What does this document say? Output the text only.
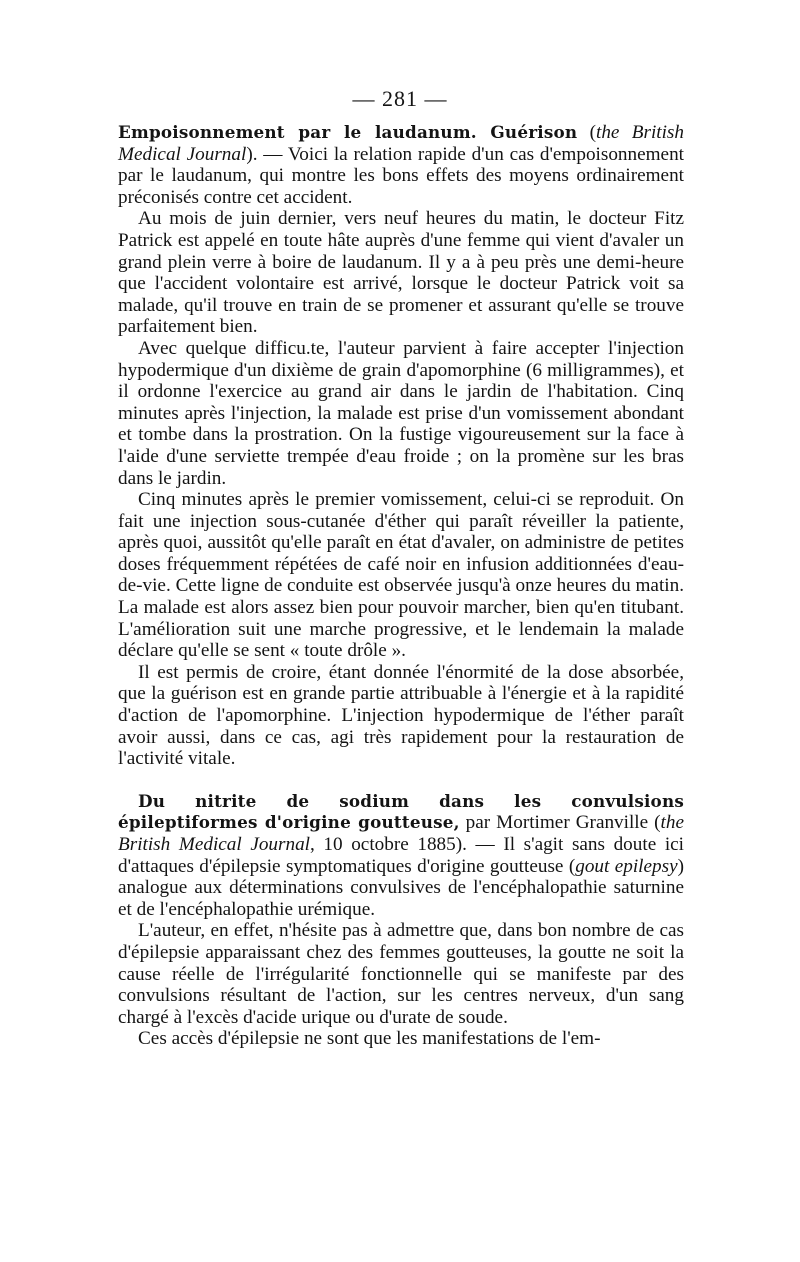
— 281 —

Empoisonnement par le laudanum. Guérison (the British Medical Journal). — Voici la relation rapide d'un cas d'empoisonnement par le laudanum, qui montre les bons effets des moyens ordinairement préconisés contre cet accident.

Au mois de juin dernier, vers neuf heures du matin, le docteur Fitz Patrick est appelé en toute hâte auprès d'une femme qui vient d'avaler un grand plein verre à boire de laudanum. Il y a à peu près une demi-heure que l'accident volontaire est arrivé, lorsque le docteur Patrick voit sa malade, qu'il trouve en train de se promener et assurant qu'elle se trouve parfaitement bien.

Avec quelque difficu.te, l'auteur parvient à faire accepter l'injection hypodermique d'un dixième de grain d'apomorphine (6 milligrammes), et il ordonne l'exercice au grand air dans le jardin de l'habitation. Cinq minutes après l'injection, la malade est prise d'un vomissement abondant et tombe dans la prostration. On la fustige vigoureusement sur la face à l'aide d'une serviette trempée d'eau froide ; on la promène sur les bras dans le jardin.

Cinq minutes après le premier vomissement, celui-ci se reproduit. On fait une injection sous-cutanée d'éther qui paraît réveiller la patiente, après quoi, aussitôt qu'elle paraît en état d'avaler, on administre de petites doses fréquemment répétées de café noir en infusion additionnées d'eau-de-vie. Cette ligne de conduite est observée jusqu'à onze heures du matin. La malade est alors assez bien pour pouvoir marcher, bien qu'en titubant. L'amélioration suit une marche progressive, et le lendemain la malade déclare qu'elle se sent « toute drôle ».

Il est permis de croire, étant donnée l'énormité de la dose absorbée, que la guérison est en grande partie attribuable à l'énergie et à la rapidité d'action de l'apomorphine. L'injection hypodermique de l'éther paraît avoir aussi, dans ce cas, agi très rapidement pour la restauration de l'activité vitale.

Du nitrite de sodium dans les convulsions épileptiformes d'origine goutteuse, par Mortimer Granville (the British Medical Journal, 10 octobre 1885). — Il s'agit sans doute ici d'attaques d'épilepsie symptomatiques d'origine goutteuse (gout epilepsy) analogue aux déterminations convulsives de l'encéphalopathie saturnine et de l'encéphalopathie urémique.

L'auteur, en effet, n'hésite pas à admettre que, dans bon nombre de cas d'épilepsie apparaissant chez des femmes goutteuses, la goutte ne soit la cause réelle de l'irrégularité fonctionnelle qui se manifeste par des convulsions résultant de l'action, sur les centres nerveux, d'un sang chargé à l'excès d'acide urique ou d'urate de soude.

Ces accès d'épilepsie ne sont que les manifestations de l'em-
